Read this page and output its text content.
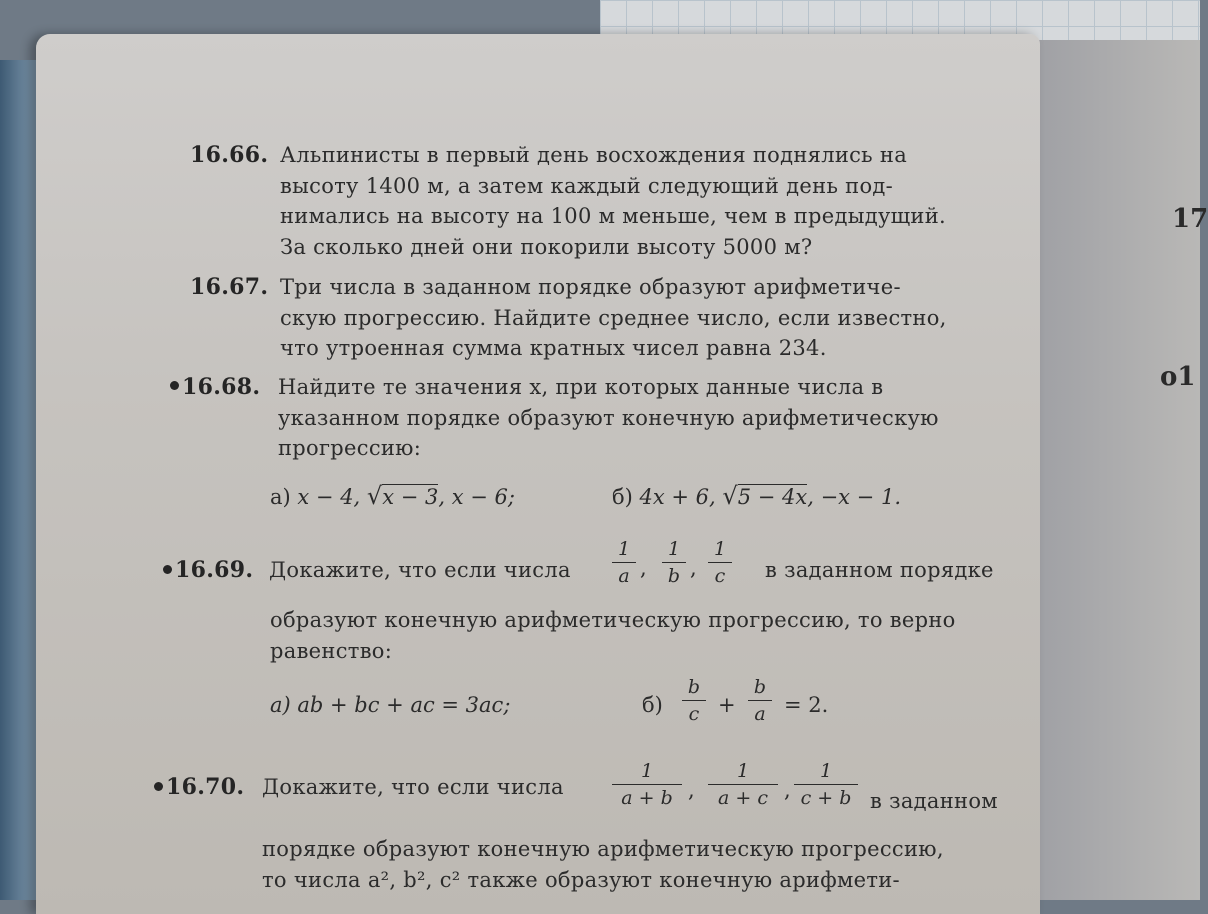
17
o1
16.66. Альпинисты в первый день восхождения поднялись на
высоту 1400 м, а затем каждый следующий день под-
нимались на высоту на 100 м меньше, чем в предыдущий.
За сколько дней они покорили высоту 5000 м?
16.67. Три числа в заданном порядке образуют арифметиче-
скую прогрессию. Найдите среднее число, если известно,
что утроенная сумма кратных чисел равна 234.
16.68. Найдите те значения x, при которых данные числа в
указанном порядке образуют конечную арифметическую
прогрессию:
а) x − 4, √x − 3, x − 6;	б) 4x + 6, √5 − 4x, −x − 1.
16.69. Докажите, что если числа	в заданном порядке
1
a ,
1
b ,
1
c
образуют конечную арифметическую прогрессию, то верно
равенство:
а) ab + bc + ac = 3ac;	б)
b
c +
b
a = 2.
16.70. Докажите, что если числа
в заданном
1
a + b ,
1
a + c ,
1
c + b
порядке образуют конечную арифметическую прогрессию,
то числа a², b², c² также образуют конечную арифмети-
